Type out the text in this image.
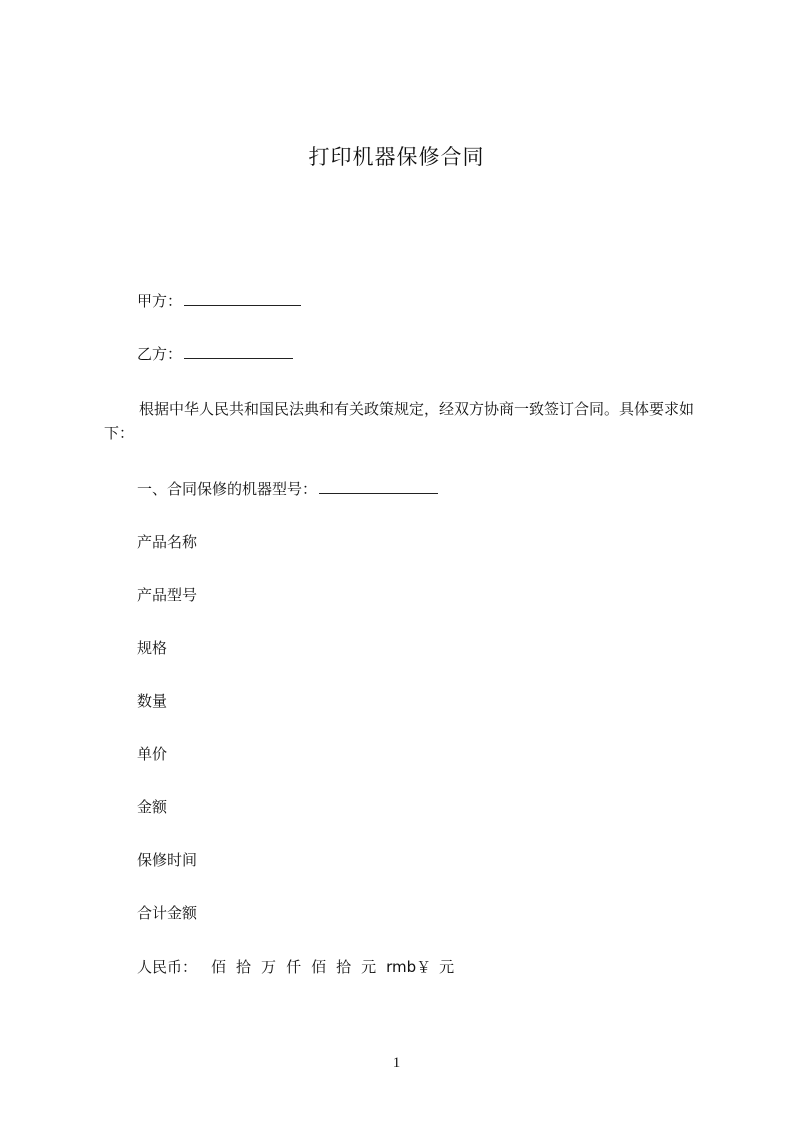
打印机器保修合同
甲方：
乙方：
根据中华人民共和国民法典和有关政策规定，经双方协商一致签订合同。具体要求如下：
一、合同保修的机器型号：
产品名称
产品型号
规格
数量
单价
金额
保修时间
合计金额
人民币： 佰 拾 万 仟 佰 拾 元 rmb￥ 元
1
